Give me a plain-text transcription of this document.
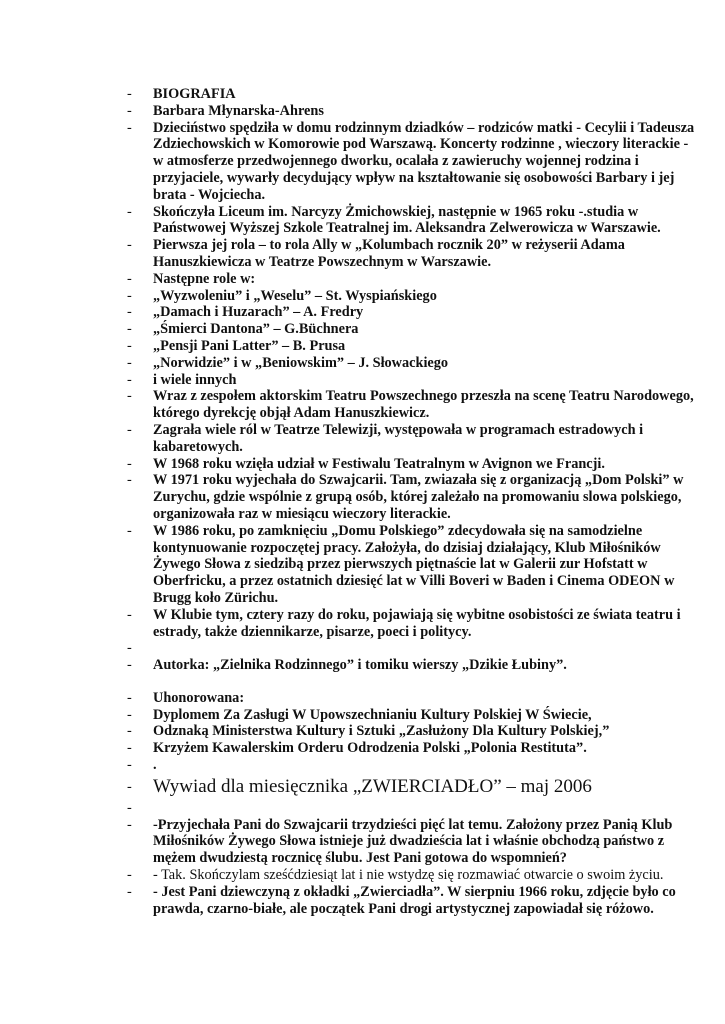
-	BIOGRAFIA
-	Barbara Młynarska-Ahrens
-	Dzieciństwo spędziła w domu rodzinnym dziadków – rodziców matki - Cecylii i Tadeusza Zdziechowskich w Komorowie pod Warszawą. Koncerty rodzinne , wieczory literackie - w atmosferze przedwojennego dworku, ocalała z zawieruchy wojennej rodzina i przyjaciele, wywarły decydujący wpływ na kształtowanie się osobowości Barbary i jej brata - Wojciecha.
-	Skończyła Liceum im. Narcyzy Żmichowskiej, następnie w 1965 roku -.studia w Państwowej Wyższej Szkole Teatralnej im. Aleksandra Zelwerowicza w Warszawie.
-	Pierwsza jej rola – to rola Ally w „Kolumbach rocznik 20” w reżyserii Adama Hanuszkiewicza w Teatrze Powszechnym w Warszawie.
-	Następne role w:
-	„Wyzwoleniu” i „Weselu” – St. Wyspiańskiego
-	„Damach i Huzarach” – A. Fredry
-	„Śmierci Dantona” – G.Büchnera
-	„Pensji Pani Latter” – B. Prusa
-	„Norwidzie” i w „Beniowskim” – J. Słowackiego
-	i wiele innych
-	Wraz z zespołem aktorskim Teatru Powszechnego przeszła na scenę Teatru Narodowego, którego dyrekcję objął Adam Hanuszkiewicz.
-	Zagrała wiele ról w Teatrze Telewizji, występowała w programach estradowych i kabaretowych.
-	W 1968 roku wzięła udział w Festiwalu Teatralnym w Avignon we Francji.
-	W 1971 roku wyjechała do Szwajcarii. Tam, zwiazała się z organizacją „Dom Polski” w Zurychu, gdzie wspólnie z grupą osób, której zależało na promowaniu slowa polskiego, organizowała raz w miesiącu wieczory literackie.
-	W 1986 roku, po zamknięciu „Domu Polskiego” zdecydowała się na samodzielne kontynuowanie rozpoczętej pracy. Założyła, do dzisiaj działający, Klub Miłośników Żywego Słowa z siedzibą przez pierwszych piętnaście lat w Galerii zur Hofstatt w Oberfricku, a przez ostatnich dziesięć lat w Villi Boveri w Baden i Cinema ODEON w Brugg koło Zürichu.
-	W Klubie tym, cztery razy do roku, pojawiają się wybitne osobistości ze świata teatru i estrady, także dziennikarze, pisarze, poeci i politycy.
-
-	Autorka: „Zielnika Rodzinnego” i tomiku wierszy „Dzikie Łubiny”.
-	Uhonorowana:
-	Dyplomem Za Zasługi W Upowszechnianiu Kultury Polskiej W Świecie,
-	Odznaką Ministerstwa Kultury i Sztuki „Zasłużony Dla Kultury Polskiej,”
-	Krzyżem Kawalerskim Orderu Odrodzenia Polski „Polonia Restituta”.
-	.
-	Wywiad dla miesięcznika „ZWIERCIADŁO” – maj 2006
-
-	-Przyjechała Pani do Szwajcarii trzydzieści pięć lat temu. Założony przez Panią Klub Miłośników Żywego Słowa istnieje już dwadzieścia lat i właśnie obchodzą państwo z mężem dwudziestą rocznicę ślubu. Jest Pani gotowa do wspomnień?
-	- Tak. Skończylam sześćdziesiąt lat i nie wstydzę się rozmawiać otwarcie o swoim życiu.
-	- Jest Pani dziewczyną z okładki „Zwierciadła”. W sierpniu 1966 roku, zdjęcie było co prawda, czarno-białe, ale początek Pani drogi artystycznej zapowiadał się różowo.
